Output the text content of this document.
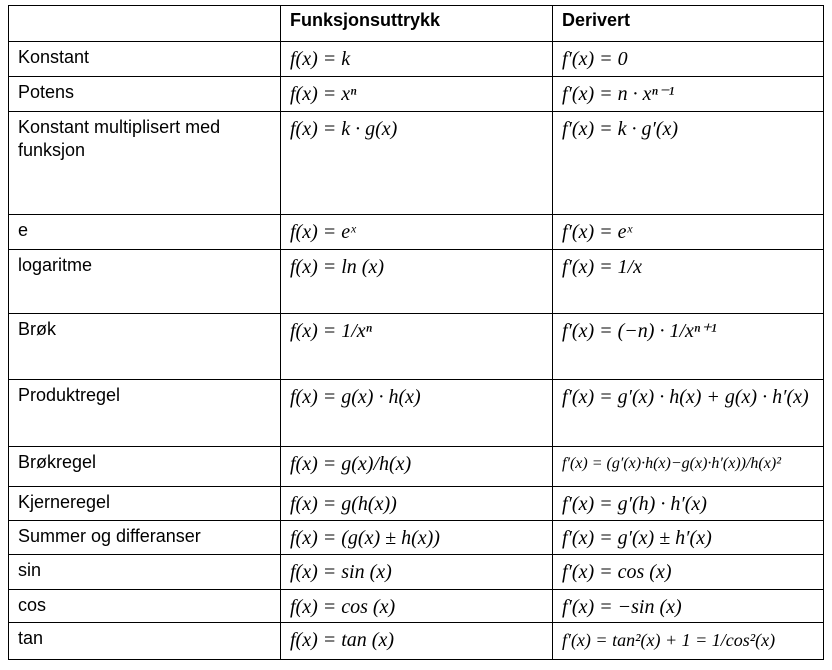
	Funksjonsuttrykk	Derivert
Konstant	f(x) = k	f′(x) = 0
Potens	f(x) = xⁿ	f′(x) = n · xⁿ⁻¹
Konstant multiplisert med funksjon	f(x) = k · g(x)	f′(x) = k · g′(x)
e	f(x) = eˣ	f′(x) = eˣ
logaritme	f(x) = ln (x)	f′(x) = 1/x
Brøk	f(x) = 1/xⁿ	f′(x) = (−n) · 1/xⁿ⁺¹
Produktregel	f(x) = g(x) · h(x)	f′(x) = g′(x) · h(x) + g(x) · h′(x)
Brøkregel	f(x) = g(x)/h(x)	f′(x) = (g′(x)·h(x)−g(x)·h′(x))/h(x)²
Kjerneregel	f(x) = g(h(x))	f′(x) = g′(h) · h′(x)
Summer og differanser	f(x) = (g(x) ± h(x))	f′(x) = g′(x) ± h′(x)
sin	f(x) = sin (x)	f′(x) = cos (x)
cos	f(x) = cos (x)	f′(x) = −sin (x)
tan	f(x) = tan (x)	f′(x) = tan²(x) + 1 = 1/cos²(x)
